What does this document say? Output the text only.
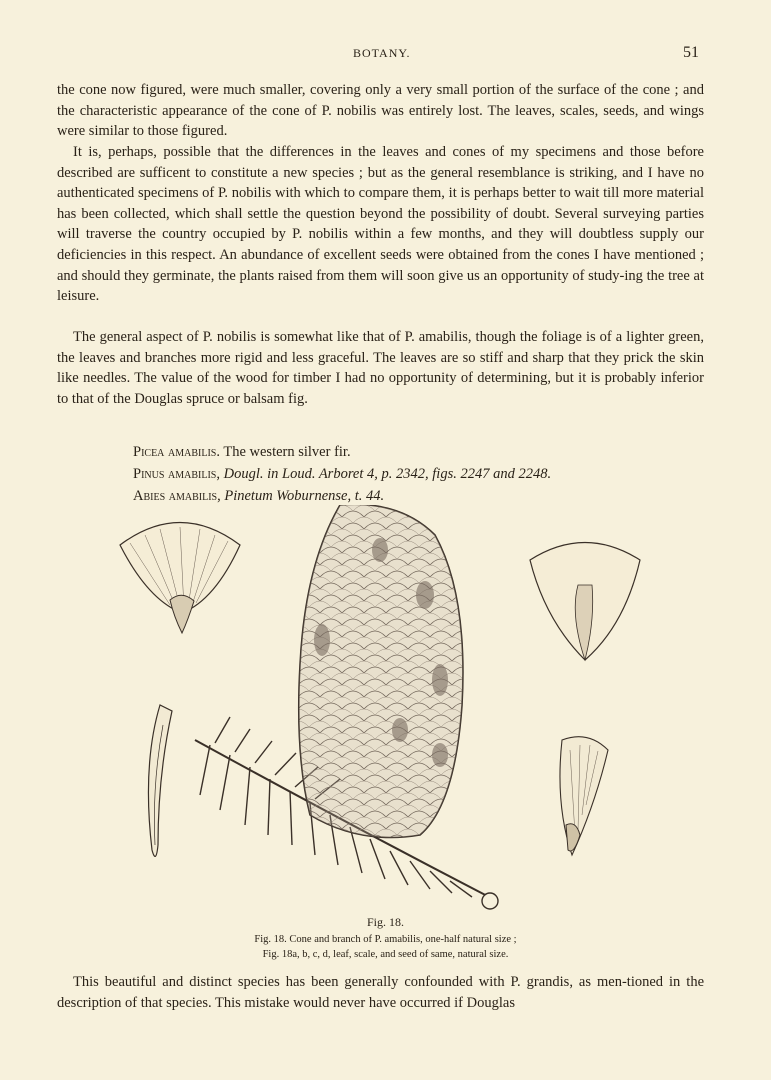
BOTANY.	51

the cone now figured, were much smaller, covering only a very small portion of the surface of the cone ; and the characteristic appearance of the cone of P. nobilis was entirely lost. The leaves, scales, seeds, and wings were similar to those figured.

It is, perhaps, possible that the differences in the leaves and cones of my specimens and those before described are sufficent to constitute a new species ; but as the general resemblance is striking, and I have no authenticated specimens of P. nobilis with which to compare them, it is perhaps better to wait till more material has been collected, which shall settle the question beyond the possibility of doubt. Several surveying parties will traverse the country occupied by P. nobilis within a few months, and they will doubtless supply our deficiencies in this respect. An abundance of excellent seeds were obtained from the cones I have mentioned ; and should they germinate, the plants raised from them will soon give us an opportunity of study-ing the tree at leisure.

The general aspect of P. nobilis is somewhat like that of P. amabilis, though the foliage is of a lighter green, the leaves and branches more rigid and less graceful. The leaves are so stiff and sharp that they prick the skin like needles. The value of the wood for timber I had no opportunity of determining, but it is probably inferior to that of the Douglas spruce or balsam fig.

Picea amabilis. The western silver fir.

Pinus amabilis, Dougl. in Loud. Arboret 4, p. 2342, figs. 2247 and 2248.

Abies amabilis, Pinetum Woburnense, t. 44.

Fig. 18.
Fig. 18. Cone and branch of P. amabilis, one-half natural size ;
Fig. 18a, b, c, d, leaf, scale, and seed of same, natural size.

This beautiful and distinct species has been generally confounded with P. grandis, as men-tioned in the description of that species. This mistake would never have occurred if Douglas
